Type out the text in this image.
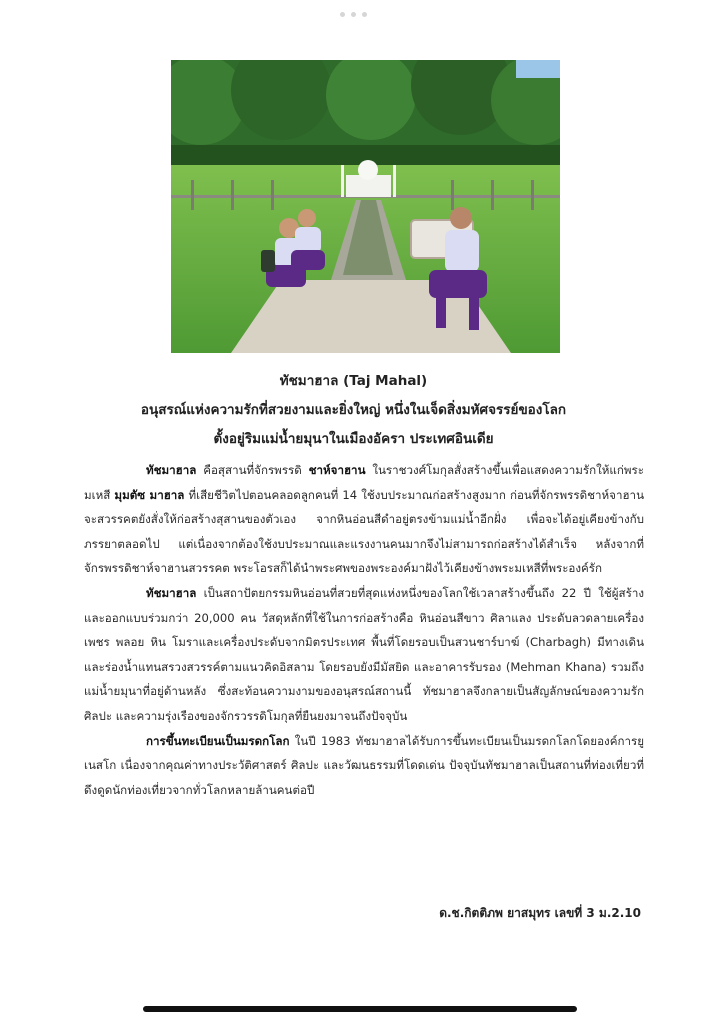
ทัชมาฮาล (Taj Mahal)
อนุสรณ์แห่งความรักที่สวยงามและยิ่งใหญ่ หนึ่งในเจ็ดสิ่งมหัศจรรย์ของโลก
ตั้งอยู่ริมแม่น้ำยมุนาในเมืองอัครา ประเทศอินเดีย

ทัชมาฮาล คือสุสานที่จักรพรรดิ ชาห์จาฮาน ในราชวงศ์โมกุลสั่งสร้างขึ้นเพื่อแสดงความรักให้แก่พระมเหสี มุมตัซ มาฮาล ที่เสียชีวิตไปตอนคลอดลูกคนที่ 14 ใช้งบประมาณก่อสร้างสูงมาก ก่อนที่จักรพรรดิชาห์จาฮานจะสวรรคตยังสั่งให้ก่อสร้างสุสานของตัวเอง จากหินอ่อนสีดำอยู่ตรงข้ามแม่น้ำอีกฝั่ง เพื่อจะได้อยู่เคียงข้างกับภรรยาตลอดไป แต่เนื่องจากต้องใช้งบประมาณและแรงงานคนมากจึงไม่สามารถก่อสร้างได้สำเร็จ หลังจากที่จักรพรรดิชาห์จาฮานสวรรคต พระโอรสก็ได้นำพระศพของพระองค์มาฝังไว้เคียงข้างพระมเหสีที่พระองค์รัก

ทัชมาฮาล เป็นสถาปัตยกรรมหินอ่อนที่สวยที่สุดแห่งหนึ่งของโลกใช้เวลาสร้างขึ้นถึง 22 ปี ใช้ผู้สร้างและออกแบบร่วมกว่า 20,000 คน วัสดุหลักที่ใช้ในการก่อสร้างคือ หินอ่อนสีขาว ศิลาแลง ประดับลวดลายเครื่องเพชร พลอย หิน โมราและเครื่องประดับจากมิตรประเทศ พื้นที่โดยรอบเป็นสวนชาร์บาฆ์ (Charbagh) มีทางเดินและร่องน้ำแทนสรวงสวรรค์ตามแนวคิดอิสลาม โดยรอบยังมีมัสยิด และอาคารรับรอง (Mehman Khana) รวมถึงแม่น้ำยมุนาที่อยู่ด้านหลัง ซึ่งสะท้อนความงามของอนุสรณ์สถานนี้ ทัชมาฮาลจึงกลายเป็นสัญลักษณ์ของความรัก ศิลปะ และความรุ่งเรืองของจักรวรรดิโมกุลที่ยืนยงมาจนถึงปัจจุบัน

การขึ้นทะเบียนเป็นมรดกโลก ในปี 1983 ทัชมาฮาลได้รับการขึ้นทะเบียนเป็นมรดกโลกโดยองค์การยูเนสโก เนื่องจากคุณค่าทางประวัติศาสตร์ ศิลปะ และวัฒนธรรมที่โดดเด่น ปัจจุบันทัชมาฮาลเป็นสถานที่ท่องเที่ยวที่ดึงดูดนักท่องเที่ยวจากทั่วโลกหลายล้านคนต่อปี

ด.ช.กิตติภพ ยาสมุทร เลขที่ 3 ม.2.10
